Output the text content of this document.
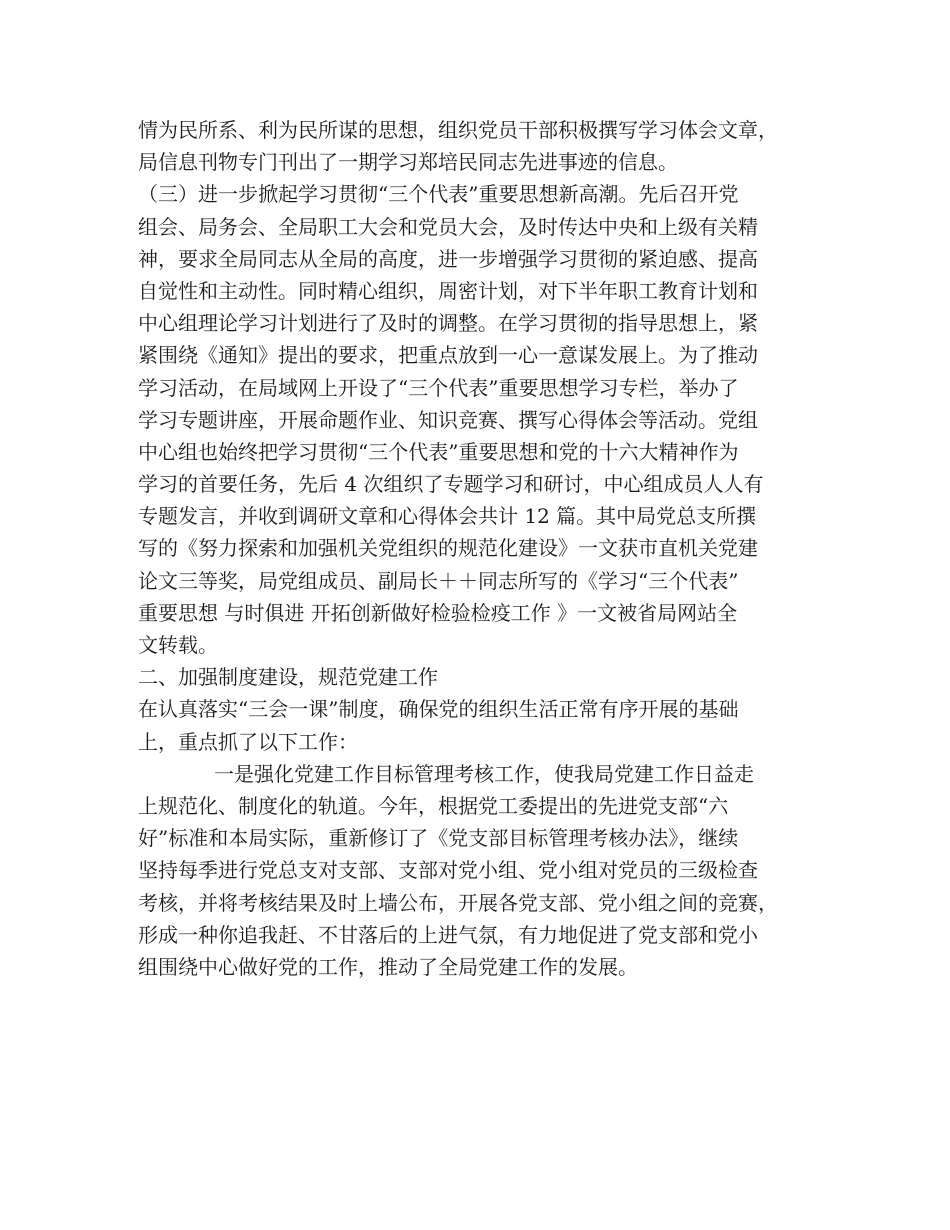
情为民所系、利为民所谋的思想，组织党员干部积极撰写学习体会文章，
局信息刊物专门刊出了一期学习郑培民同志先进事迹的信息。
（三）进一步掀起学习贯彻“三个代表”重要思想新高潮。先后召开党
组会、局务会、全局职工大会和党员大会，及时传达中央和上级有关精
神，要求全局同志从全局的高度，进一步增强学习贯彻的紧迫感、提高
自觉性和主动性。同时精心组织，周密计划，对下半年职工教育计划和
中心组理论学习计划进行了及时的调整。在学习贯彻的指导思想上，紧
紧围绕《通知》提出的要求，把重点放到一心一意谋发展上。为了推动
学习活动，在局域网上开设了“三个代表”重要思想学习专栏，举办了
学习专题讲座，开展命题作业、知识竞赛、撰写心得体会等活动。党组
中心组也始终把学习贯彻“三个代表”重要思想和党的十六大精神作为
学习的首要任务，先后 4 次组织了专题学习和研讨，中心组成员人人有
专题发言，并收到调研文章和心得体会共计 12 篇。其中局党总支所撰
写的《努力探索和加强机关党组织的规范化建设》一文获市直机关党建
论文三等奖，局党组成员、副局长＋＋同志所写的《学习“三个代表”
重要思想 与时俱进 开拓创新做好检验检疫工作 》一文被省局网站全
文转载。
二、加强制度建设，规范党建工作
在认真落实“三会一课”制度，确保党的组织生活正常有序开展的基础
上，重点抓了以下工作：
一是强化党建工作目标管理考核工作，使我局党建工作日益走
上规范化、制度化的轨道。今年，根据党工委提出的先进党支部“六
好”标准和本局实际，重新修订了《党支部目标管理考核办法》，继续
坚持每季进行党总支对支部、支部对党小组、党小组对党员的三级检查
考核，并将考核结果及时上墙公布，开展各党支部、党小组之间的竞赛，
形成一种你追我赶、不甘落后的上进气氛，有力地促进了党支部和党小
组围绕中心做好党的工作，推动了全局党建工作的发展。
